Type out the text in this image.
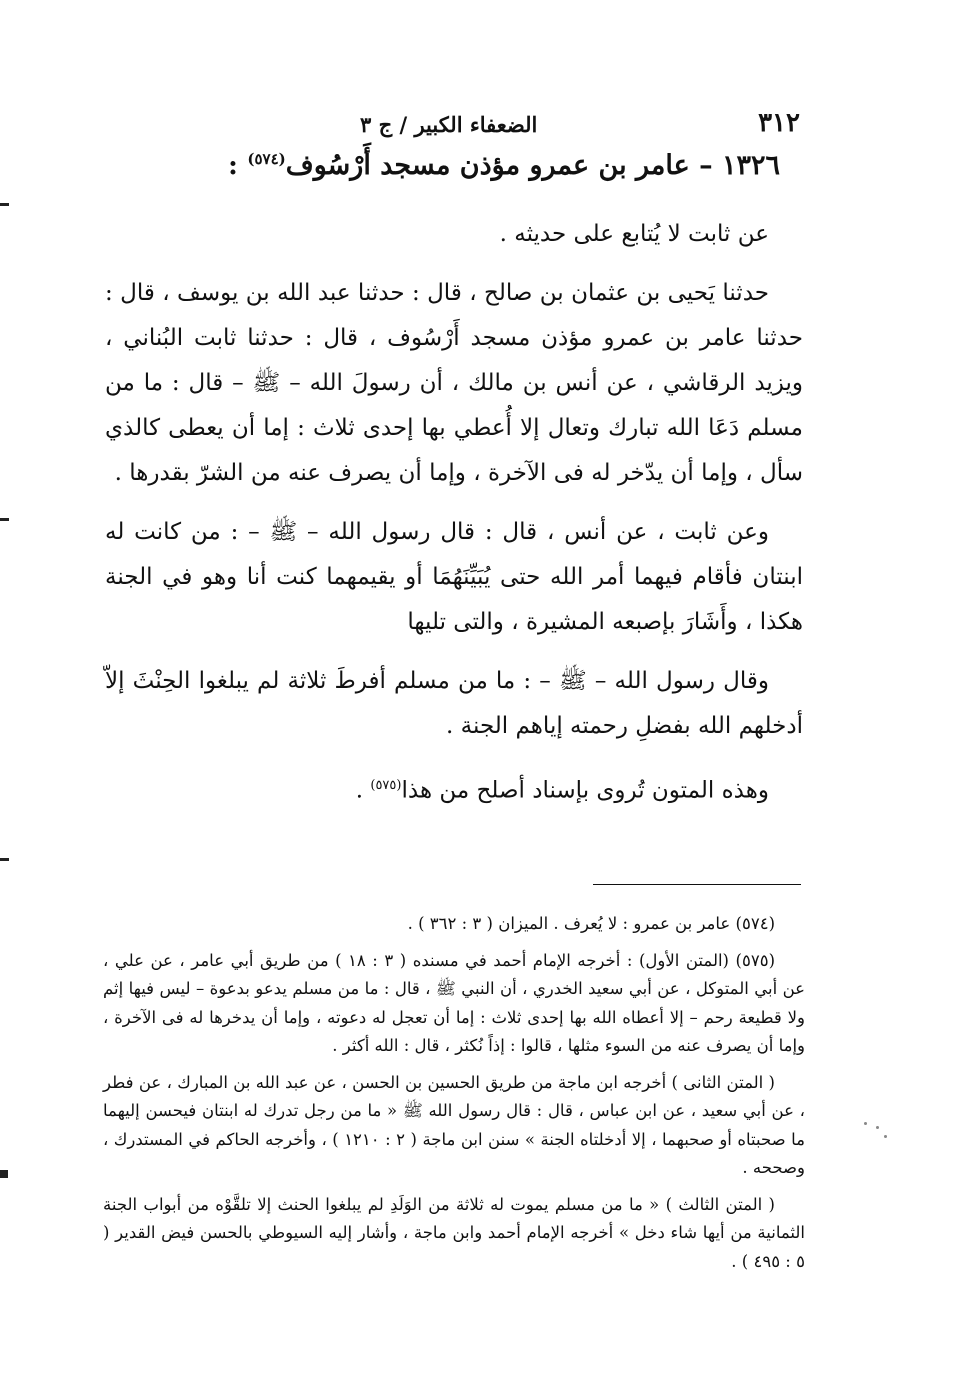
٣١٢
الضعفاء الكبير / ج ٣
١٣٢٦ – عامر بن عمرو مؤذن مسجد أَرْسُوف$^{(٥٧٤)}$ :

عن ثابت لا يُتابع على حديثه .

حدثنا يَحيى بن عثمان بن صالح ، قال : حدثنا عبد الله بن يوسف ، قال : حدثنا عامر بن عمرو مؤذن مسجد أَرْسُوف ، قال : حدثنا ثابت البُناني ، ويزيد الرقاشي ، عن أنس بن مالك ، أن رسولَ الله – ﷺ – قال : ما من مسلم دَعَا الله تبارك وتعال إلا أُعطي بها إحدى ثلاث : إما أن يعطى كالذي سأل ، وإما أن يدّخر له فى الآخرة ، وإما أن يصرف عنه من الشرّ بقدرها .

وعن ثابت ، عن أنس ، قال : قال رسول الله – ﷺ – : من كانت له ابنتان فأقام فيهما أمر الله حتى يُبَيِّنَهُمَا أو يقيمهما كنت أنا وهو في الجنة هكذا ، وأَشَارَ بإصبعه المشيرة ، والتى تليها

وقال رسول الله – ﷺ – : ما من مسلم أفرطَ ثلاثة لم يبلغوا الحِنْثَ إلاّ أدخلهم الله بفضلِ رحمته إياهم الجنة .

وهذه المتون تُروى بإسناد أصلح من هذا$^{(٥٧٥)}$ .

(٥٧٤) عامر بن عمرو : لا يُعرف . الميزان ( ٣ : ٣٦٢ ) .

(٥٧٥) (المتن الأول) : أخرجه الإمام أحمد في مسنده ( ٣ : ١٨ ) من طريق أبي عامر ، عن علي ، عن أبي المتوكل ، عن أبي سعيد الخدري ، أن النبي ﷺ ، قال : ما من مسلم يدعو بدعوة – ليس فيها إثم ولا قطيعة رحم – إلا أعطاه الله بها إحدى ثلاث : إما أن تعجل له دعوته ، وإما أن يدخرها له فى الآخرة ، وإما أن يصرف عنه من السوء مثلها ، قالوا : إذاً نُكثر ، قال : الله أكثر .

( المتن الثانى ) أخرجه ابن ماجة من طريق الحسين بن الحسن ، عن عبد الله بن المبارك ، عن فطر ، عن أبي سعيد ، عن ابن عباس ، قال : قال رسول الله ﷺ « ما من رجل تدرك له ابنتان فيحسن إليهما ما صحبتاه أو صحبهما ، إلا أدخلتاه الجنة » سنن ابن ماجة ( ٢ : ١٢١٠ ) ، وأخرجه الحاكم في المستدرك ، وصححه .

( المتن الثالث ) « ما من مسلم يموت له ثلاثة من الوَلَدِ لم يبلغوا الحنث إلا تلقَّوْه من أبواب الجنة الثمانية من أيها شاء دخل » أخرجه الإمام أحمد وابن ماجة ، وأشار إليه السيوطي بالحسن فيض القدير ( ٥ : ٤٩٥ ) .
